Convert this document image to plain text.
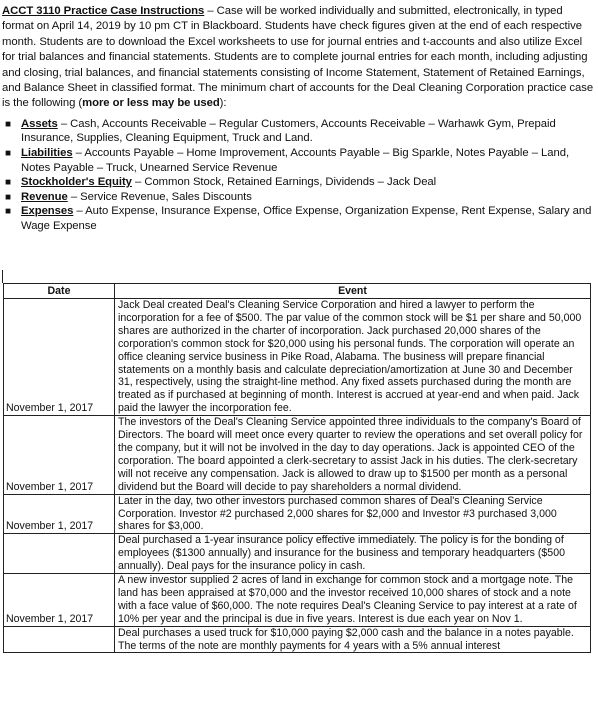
ACCT 3110 Practice Case Instructions – Case will be worked individually and submitted, electronically, in typed format on April 14, 2019 by 10 pm CT in Blackboard. Students have check figures given at the end of each respective month. Students are to download the Excel worksheets to use for journal entries and t-accounts and also utilize Excel for trial balances and financial statements. Students are to complete journal entries for each month, including adjusting and closing, trial balances, and financial statements consisting of Income Statement, Statement of Retained Earnings, and Balance Sheet in classified format. The minimum chart of accounts for the Deal Cleaning Corporation practice case is the following (more or less may be used):

■ Assets – Cash, Accounts Receivable – Regular Customers, Accounts Receivable – Warhawk Gym, Prepaid Insurance, Supplies, Cleaning Equipment, Truck and Land.
■ Liabilities – Accounts Payable – Home Improvement, Accounts Payable – Big Sparkle, Notes Payable – Land, Notes Payable – Truck, Unearned Service Revenue
■ Stockholder's Equity – Common Stock, Retained Earnings, Dividends – Jack Deal
■ Revenue – Service Revenue, Sales Discounts
■ Expenses – Auto Expense, Insurance Expense, Office Expense, Organization Expense, Rent Expense, Salary and Wage Expense
Date	Event
November 1, 2017	Jack Deal created Deal's Cleaning Service Corporation and hired a lawyer to perform the incorporation for a fee of $500. The par value of the common stock will be $1 per share and 50,000 shares are authorized in the charter of incorporation. Jack purchased 20,000 shares of the corporation's common stock for $20,000 using his personal funds. The corporation will operate an office cleaning service business in Pike Road, Alabama. The business will prepare financial statements on a monthly basis and calculate depreciation/amortization at June 30 and December 31, respectively, using the straight-line method. Any fixed assets purchased during the month are treated as if purchased at beginning of month. Interest is accrued at year-end and when paid. Jack paid the lawyer the incorporation fee.
November 1, 2017	The investors of the Deal's Cleaning Service appointed three individuals to the company's Board of Directors. The board will meet once every quarter to review the operations and set overall policy for the company, but it will not be involved in the day to day operations. Jack is appointed CEO of the corporation. The board appointed a clerk-secretary to assist Jack in his duties. The clerk-secretary will not receive any compensation. Jack is allowed to draw up to $1500 per month as a personal dividend but the Board will decide to pay shareholders a normal dividend.
November 1, 2017	Later in the day, two other investors purchased common shares of Deal's Cleaning Service Corporation. Investor #2 purchased 2,000 shares for $2,000 and Investor #3 purchased 3,000 shares for $3,000.
	Deal purchased a 1-year insurance policy effective immediately. The policy is for the bonding of employees ($1300 annually) and insurance for the business and temporary headquarters ($500 annually). Deal pays for the insurance policy in cash.
November 1, 2017	A new investor supplied 2 acres of land in exchange for common stock and a mortgage note. The land has been appraised at $70,000 and the investor received 10,000 shares of stock and a note with a face value of $60,000. The note requires Deal's Cleaning Service to pay interest at a rate of 10% per year and the principal is due in five years. Interest is due each year on Nov 1.
	Deal purchases a used truck for $10,000 paying $2,000 cash and the balance in a notes payable. The terms of the note are monthly payments for 4 years with a 5% annual interest
